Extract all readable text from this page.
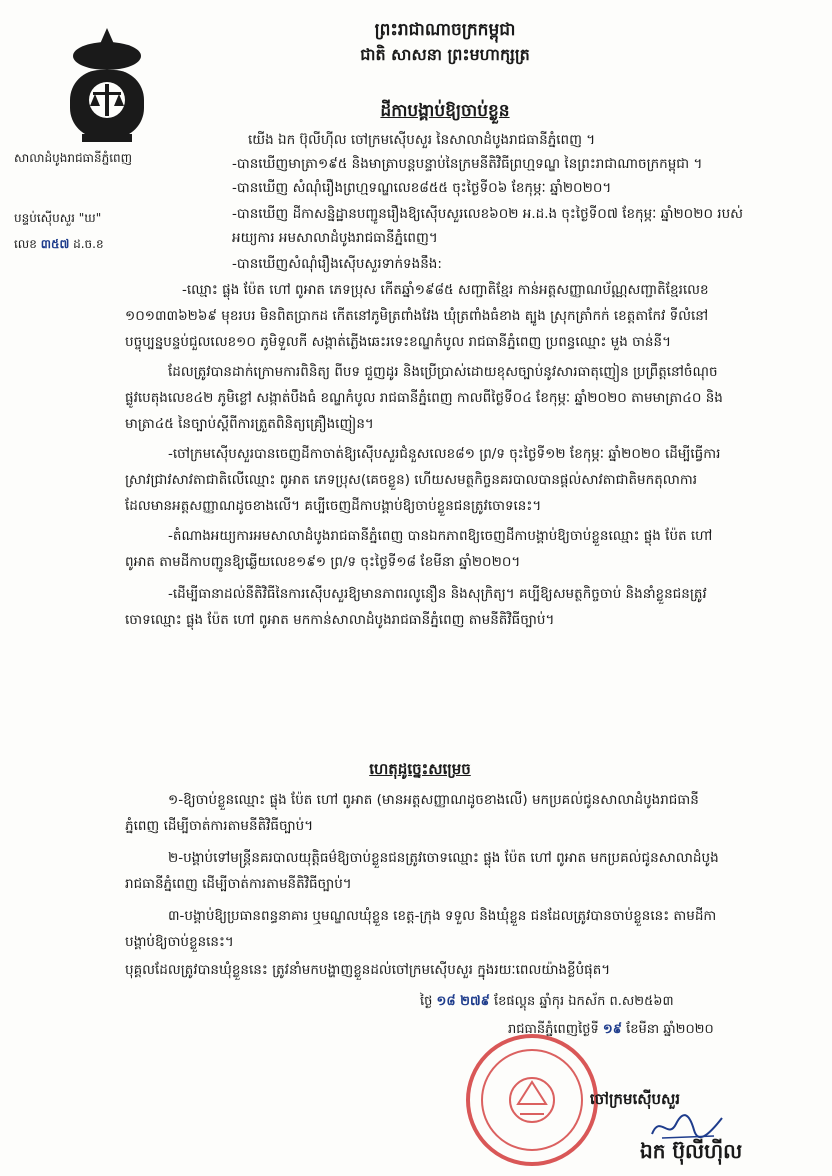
ព្រះរាជាណាចក្រកម្ពុជា
ជាតិ សាសនា ព្រះមហាក្សត្រ
សាលាដំបូងរាជធានីភ្នំពេញ
បន្ទប់ស៊ើបសួរ "ឃ"
លេខ ៣៥៧ ដ.ច.ខ
ដីកាបង្គាប់ឱ្យចាប់ខ្លួន
យើង ឯក ប៊ុលីហ៊ីល ចៅក្រមស៊ើបសួរ នៃសាលាដំបូងរាជធានីភ្នំពេញ ។
-បានឃើញមាត្រា១៩៥ និងមាត្រាបន្តបន្ទាប់នៃក្រមនីតិវិធីព្រហ្មទណ្ឌ នៃព្រះរាជាណាចក្រកម្ពុជា ។
-បានឃើញ សំណុំរឿងព្រហ្មទណ្ឌលេខ៨៥៥ ចុះថ្ងៃទី០៦ ខែកុម្ភៈ ឆ្នាំ២០២០។
-បានឃើញ ដីកាសន្និដ្ឋានបញ្ជូនរឿងឱ្យស៊ើបសួរលេខ៦០២ អ.ដ.ង ចុះថ្ងៃទី០៧ ខែកុម្ភៈ ឆ្នាំ២០២០ របស់
អយ្យការ អមសាលាដំបូងរាជធានីភ្នំពេញ។
-បានឃើញសំណុំរឿងស៊ើបសួរទាក់ទងនឹង:
-ឈ្មោះ ផ្លុង ប៉ែត ហៅ ពូអាត ភេទប្រុស កើតឆ្នាំ១៩៨៥ សញ្ជាតិខ្មែរ កាន់អត្តសញ្ញាណប័ណ្ណសញ្ជាតិខ្មែរលេខ
១០១៣៣៦២៦៩ មុខរបរ មិនពិតប្រាកដ កើតនៅភូមិត្រពាំងវែង ឃុំត្រពាំងធំខាង ត្បូង ស្រុកត្រាំកក់ ខេត្តតាកែវ ទីលំនៅ
បច្ចុប្បន្នបន្ទប់ជួលលេខ១០ ភូមិទួលកី សង្កាត់ភ្លើងឆេះរទេះខណ្ឌកំបូល រាជធានីភ្នំពេញ ប្រពន្ធឈ្មោះ មួង ចាន់នី។
ដែលត្រូវបានដាក់ក្រោមការពិនិត្យ ពីបទ ជួញដូរ និងប្រើប្រាស់ដោយខុសច្បាប់នូវសារធាតុញៀន ប្រព្រឹត្តនៅចំណុច
ផ្លូវបេតុងលេខ៤២ ភូមិខ្លៅ សង្កាត់បឹងធំ ខណ្ឌកំបូល រាជធានីភ្នំពេញ កាលពីថ្ងៃទី០៤ ខែកុម្ភៈ ឆ្នាំ២០២០ តាមមាត្រា៤០ និង
មាត្រា៤៥ នៃច្បាប់ស្តីពីការត្រួតពិនិត្យគ្រឿងញៀន។
-ចៅក្រមស៊ើបសួរបានចេញដីកាចាត់ឱ្យស៊ើបសួរជំនួសលេខ៨១ ព្រ/ទ ចុះថ្ងៃទី១២ ខែកុម្ភៈ ឆ្នាំ២០២០ ដើម្បីធ្វើការ
ស្រាវជ្រាវសាវតាជាតិលើឈ្មោះ ពូអាត ភេទប្រុស(គេចខ្លួន) ហើយសមត្ថកិច្ចនគរបាលបានផ្តល់សាវតាជាតិមកតុលាការ
ដែលមានអត្តសញ្ញាណដូចខាងលើ។ គប្បីចេញដីកាបង្គាប់ឱ្យចាប់ខ្លួនជនត្រូវចោទនេះ។
-តំណាងអយ្យការអមសាលាដំបូងរាជធានីភ្នំពេញ បានឯកភាពឱ្យចេញដីកាបង្គាប់ឱ្យចាប់ខ្លួនឈ្មោះ ផ្លុង ប៉ែត ហៅ
ពូអាត តាមដីកាបញ្ជូនឱ្យឆ្លើយលេខ១៩១ ព្រ/ទ ចុះថ្ងៃទី១៨ ខែមីនា ឆ្នាំ២០២០។
-ដើម្បីធានាដល់នីតិវិធីនៃការស៊ើបសួរឱ្យមានភាពរលូនឿន និងសុក្រិត្យ។ គប្បីឱ្យសមត្ថកិច្ចចាប់ និងនាំខ្លួនជនត្រូវ
ចោទឈ្មោះ ផ្លុង ប៉ែត ហៅ ពូអាត មកកាន់សាលាដំបូងរាជធានីភ្នំពេញ តាមនីតិវិធីច្បាប់។
ហេតុដូច្នេះសម្រេច
១-ឱ្យចាប់ខ្លួនឈ្មោះ ផ្លុង ប៉ែត ហៅ ពូអាត (មានអត្តសញ្ញាណដូចខាងលើ) មកប្រគល់ជូនសាលាដំបូងរាជធានី
ភ្នំពេញ ដើម្បីចាត់ការតាមនីតិវិធីច្បាប់។
២-បង្គាប់ទៅមន្ត្រីនគរបាលយុត្តិធម៌ឱ្យចាប់ខ្លួនជនត្រូវចោទឈ្មោះ ផ្លុង ប៉ែត ហៅ ពូអាត មកប្រគល់ជូនសាលាដំបូង
រាជធានីភ្នំពេញ ដើម្បីចាត់ការតាមនីតិវិធីច្បាប់។
៣-បង្គាប់ឱ្យប្រធានពន្ធនាគារ ឬមណ្ឌលឃុំខ្លួន ខេត្ត-ក្រុង ទទួល និងឃុំខ្លួន ជនដែលត្រូវបានចាប់ខ្លួននេះ តាមដីកា
បង្គាប់ឱ្យចាប់ខ្លួននេះ។
បុគ្គលដែលត្រូវបានឃុំខ្លួននេះ ត្រូវនាំមកបង្ហាញខ្លួនដល់ចៅក្រមស៊ើបសួរ ក្នុងរយៈពេលយ៉ាងខ្លីបំផុត។
ថ្ងៃ ១៨ ២៧៩ ខែផល្គុន ឆ្នាំកុរ ឯកស័ក ព.ស២៥៦៣
រាជធានីភ្នំពេញថ្ងៃទី ១៩ ខែមីនា ឆ្នាំ២០២០
ចៅក្រមស៊ើបសួរ
ឯក ប៊ុលីហ៊ីល
